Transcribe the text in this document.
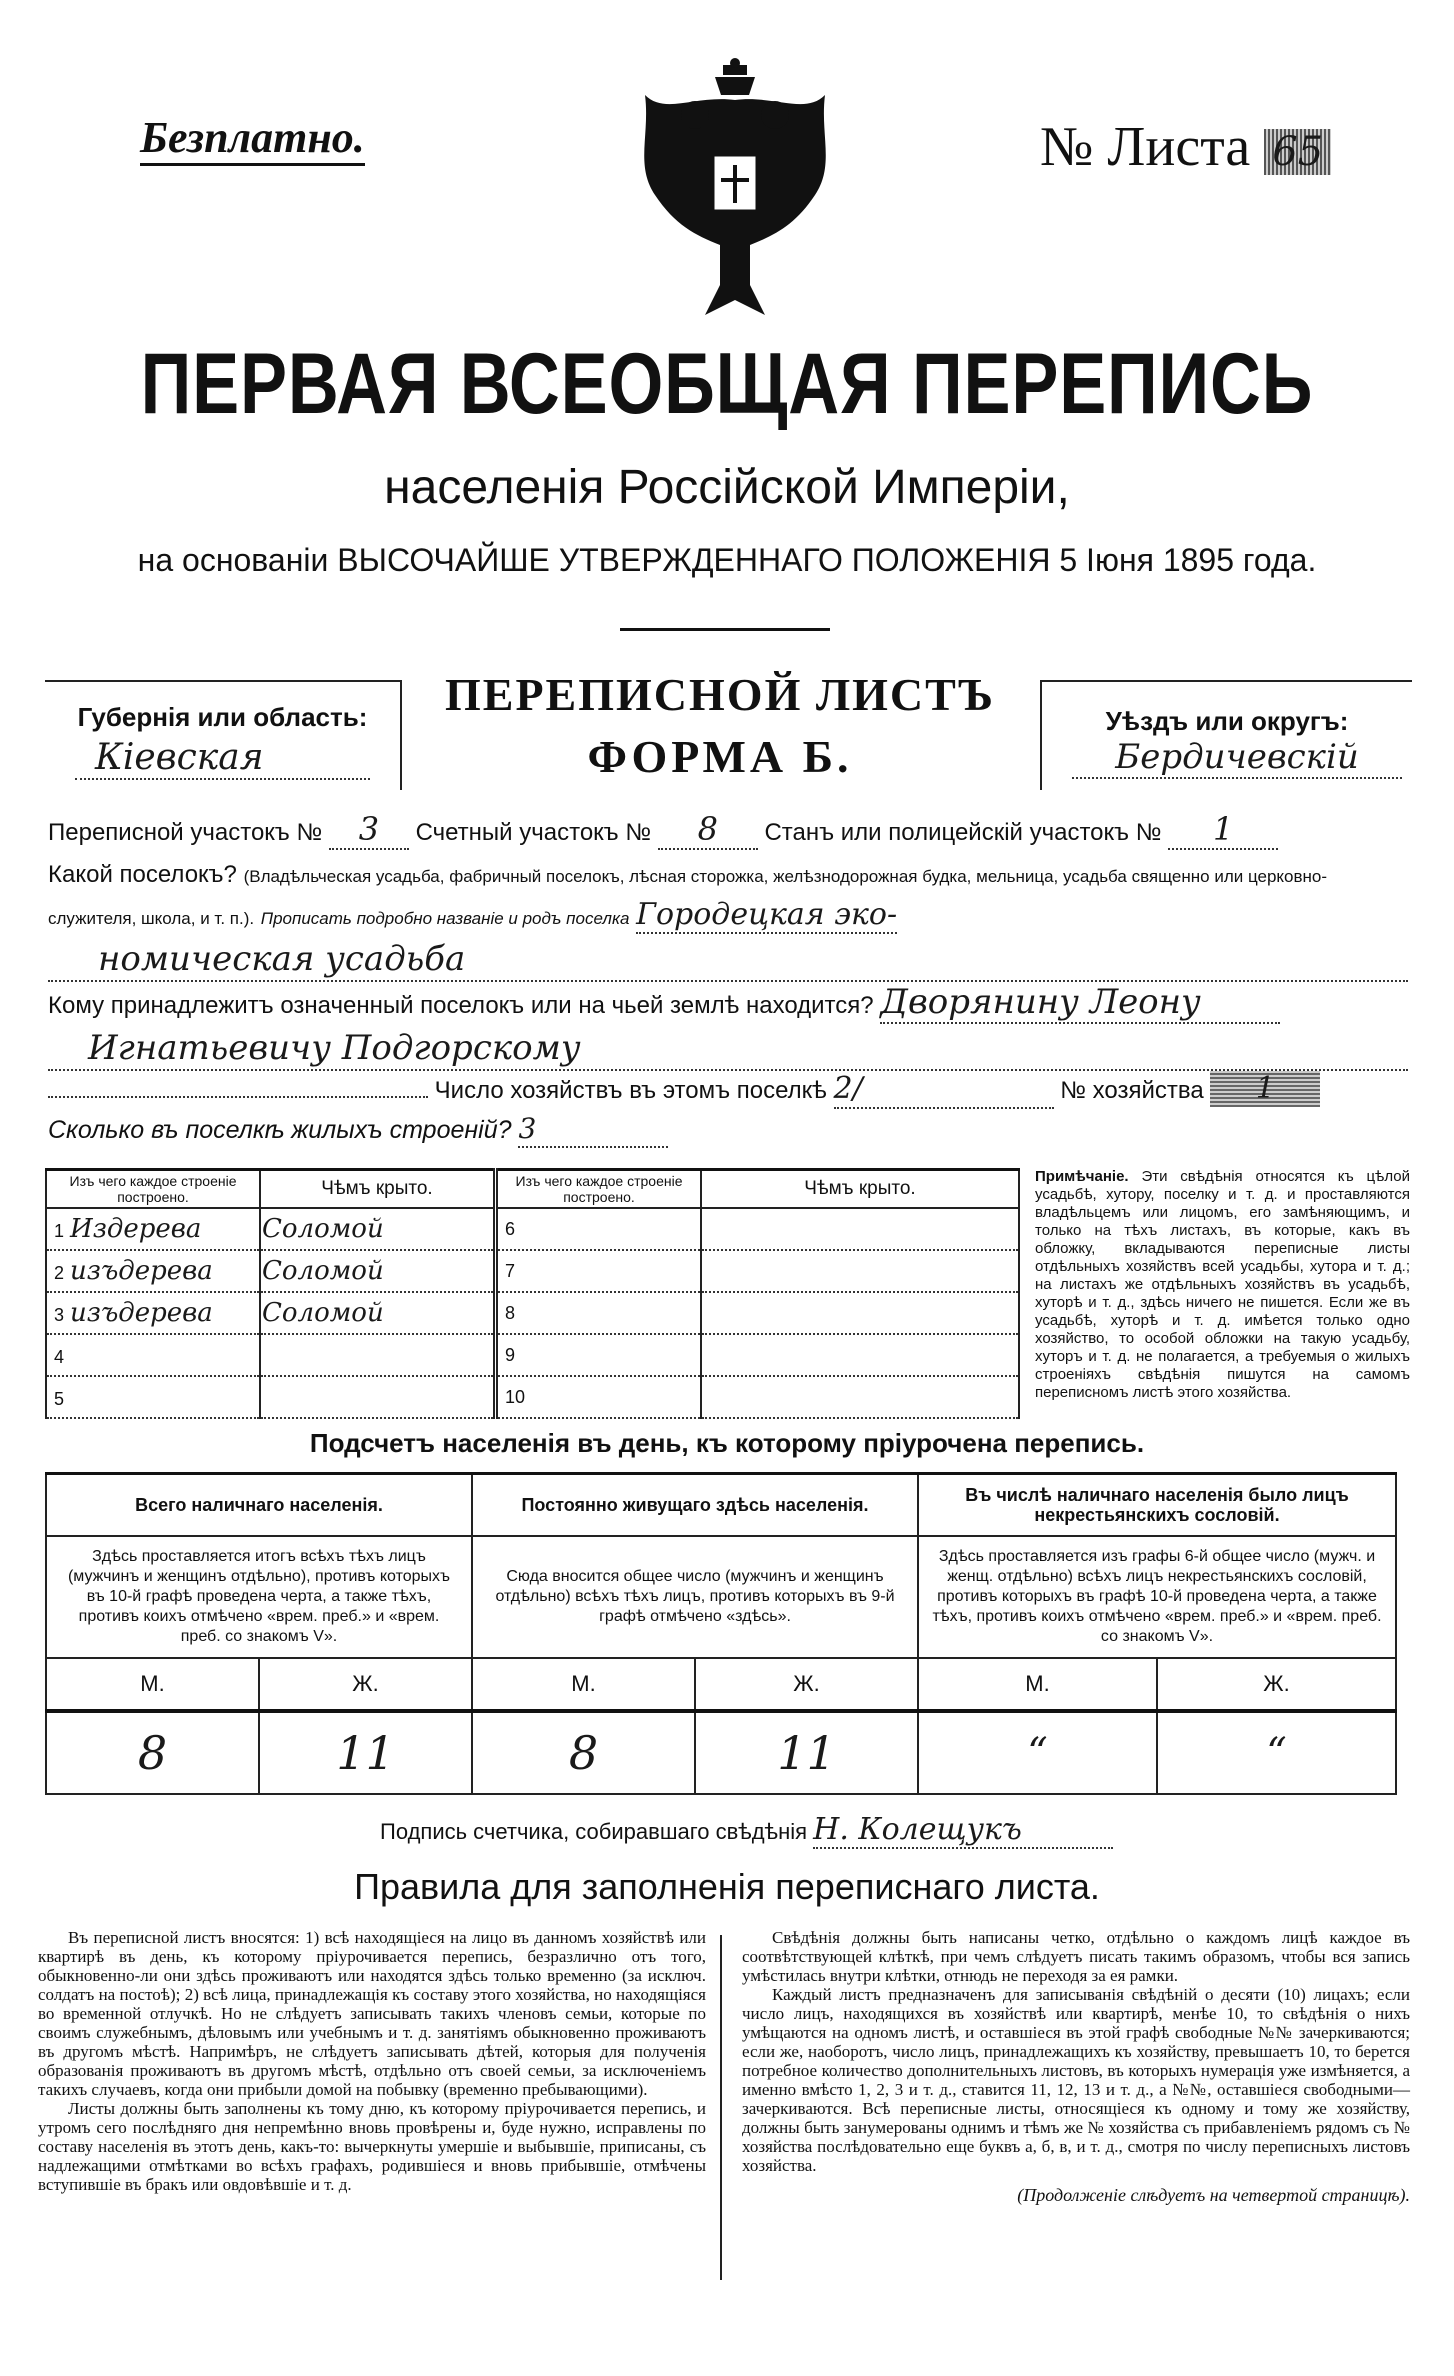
Безплатно.	№ Листа 65
ПЕРВАЯ ВСЕОБЩАЯ ПЕРЕПИСЬ
населенія Россійской Имперіи,
на основаніи ВЫСОЧАЙШЕ УТВЕРЖДЕННАГО ПОЛОЖЕНІЯ 5 Іюня 1895 года.
Губернія или область:
Кіевская
ПЕРЕПИСНОЙ ЛИСТЪ
ФОРМА Б.
Уѣздъ или округъ:
Бердичевскій
Переписной участокъ № 3 Счетный участокъ № 8 Станъ или полицейскій участокъ № 1
Какой поселокъ? (Владѣльческая усадьба, фабричный поселокъ, лѣсная сторожка, желѣзнодорожная будка, мельница, усадьба священно или церковно-служителя, школа, и т. п.). Прописать подробно названіе и родъ поселка Городецкая эко-
номическая усадьба
Кому принадлежитъ означенный поселокъ или на чьей землѣ находится? Дворянину Леону
Игнатьевичу Подгорскому
Число хозяйствъ въ этомъ поселкѣ 2/	№ хозяйства 1
Сколько въ поселкѣ жилыхъ строеній? 3
Изъ чего каждое строеніе построено.	Чѣмъ крыто.	Изъ чего каждое строеніе построено.	Чѣмъ крыто.
1 Издерева	Соломой	6	
2 изъдерева	Соломой	7	
3 изъдерева	Соломой	8	
4		9	
5		10	
Примѣчаніе. Эти свѣдѣнія относятся къ цѣлой усадьбѣ, хутору, поселку и т. д. и проставляются владѣльцемъ или лицомъ, его замѣняющимъ, и только на тѣхъ листахъ, въ которые, какъ въ обложку, вкладываются переписные листы отдѣльныхъ хозяйствъ всей усадьбы, хутора и т. д.; на листахъ же отдѣльныхъ хозяйствъ въ усадьбѣ, хуторѣ и т. д., здѣсь ничего не пишется. Если же въ усадьбѣ, хуторѣ и т. д. имѣется только одно хозяйство, то особой обложки на такую усадьбу, хуторъ и т. д. не полагается, а требуемыя о жилыхъ строеніяхъ свѣдѣнія пишутся на самомъ переписномъ листѣ этого хозяйства.
Подсчетъ населенія въ день, къ которому пріурочена перепись.
Всего наличнаго населенія.		Постоянно живущаго здѣсь населенія.		Въ числѣ наличнаго населенія было лицъ некрестьянскихъ сословій.	
Здѣсь проставляется итогъ всѣхъ тѣхъ лицъ (мужчинъ и женщинъ отдѣльно), противъ которыхъ въ 10-й графѣ проведена черта, а также тѣхъ, противъ коихъ отмѣчено «врем. преб.» и «врем. преб. со знакомъ V».		Сюда вносится общее число (мужчинъ и женщинъ отдѣльно) всѣхъ тѣхъ лицъ, противъ которыхъ въ 9-й графѣ отмѣчено «здѣсь».		Здѣсь проставляется изъ графы 6-й общее число (мужч. и женщ. отдѣльно) всѣхъ лицъ некрестьянскихъ сословій, противъ которыхъ въ графѣ 10-й проведена черта, а также тѣхъ, противъ коихъ отмѣчено «врем. преб.» и «врем. преб. со знакомъ V».	
М.	Ж.	М.	Ж.	М.	Ж.
8	11	8	11	“	“
Подпись счетчика, собиравшаго свѣдѣнія Н. Колещукъ
Правила для заполненія переписнаго листа.

Въ переписной листъ вносятся: 1) всѣ находящіеся на лицо въ данномъ хозяйствѣ или квартирѣ въ день, къ которому пріурочивается перепись, безразлично отъ того, обыкновенно-ли они здѣсь проживаютъ или находятся здѣсь только временно (за исключ. солдатъ на постоѣ); 2) всѣ лица, принадлежащія къ составу этого хозяйства, но находящіяся во временной отлучкѣ. Но не слѣдуетъ записывать такихъ членовъ семьи, которые по своимъ служебнымъ, дѣловымъ или учебнымъ и т. д. занятіямъ обыкновенно проживаютъ въ другомъ мѣстѣ. Напримѣръ, не слѣдуетъ записывать дѣтей, которыя для полученія образованія проживаютъ въ другомъ мѣстѣ, отдѣльно отъ своей семьи, за исключеніемъ такихъ случаевъ, когда они прибыли домой на побывку (временно пребывающими).

Листы должны быть заполнены къ тому дню, къ которому пріурочивается перепись, и утромъ сего послѣдняго дня непремѣнно вновь провѣрены и, буде нужно, исправлены по составу населенія въ этотъ день, какъ-то: вычеркнуты умершіе и выбывшіе, приписаны, съ надлежащими отмѣтками во всѣхъ графахъ, родившіеся и вновь прибывшіе, отмѣчены вступившіе въ бракъ или овдовѣвшіе и т. д.

Свѣдѣнія должны быть написаны четко, отдѣльно о каждомъ лицѣ каждое въ соотвѣтствующей клѣткѣ, при чемъ слѣдуетъ писать такимъ образомъ, чтобы вся запись умѣстилась внутри клѣтки, отнюдь не переходя за ея рамки.

Каждый листъ предназначенъ для записыванія свѣдѣній о десяти (10) лицахъ; если число лицъ, находящихся въ хозяйствѣ или квартирѣ, менѣе 10, то свѣдѣнія о нихъ умѣщаются на одномъ листѣ, и оставшіеся въ этой графѣ свободные №№ зачеркиваются; если же, наоборотъ, число лицъ, принадлежащихъ къ хозяйству, превышаетъ 10, то берется потребное количество дополнительныхъ листовъ, въ которыхъ нумерація уже измѣняется, а именно вмѣсто 1, 2, 3 и т. д., ставится 11, 12, 13 и т. д., а №№, оставшіеся свободными—зачеркиваются. Всѣ переписные листы, относящіеся къ одному и тому же хозяйству, должны быть занумерованы однимъ и тѣмъ же № хозяйства съ прибавленіемъ рядомъ съ № хозяйства послѣдовательно еще буквъ а, б, в, и т. д., смотря по числу переписныхъ листовъ хозяйства.

(Продолженіе слѣдуетъ на четвертой страницѣ).
